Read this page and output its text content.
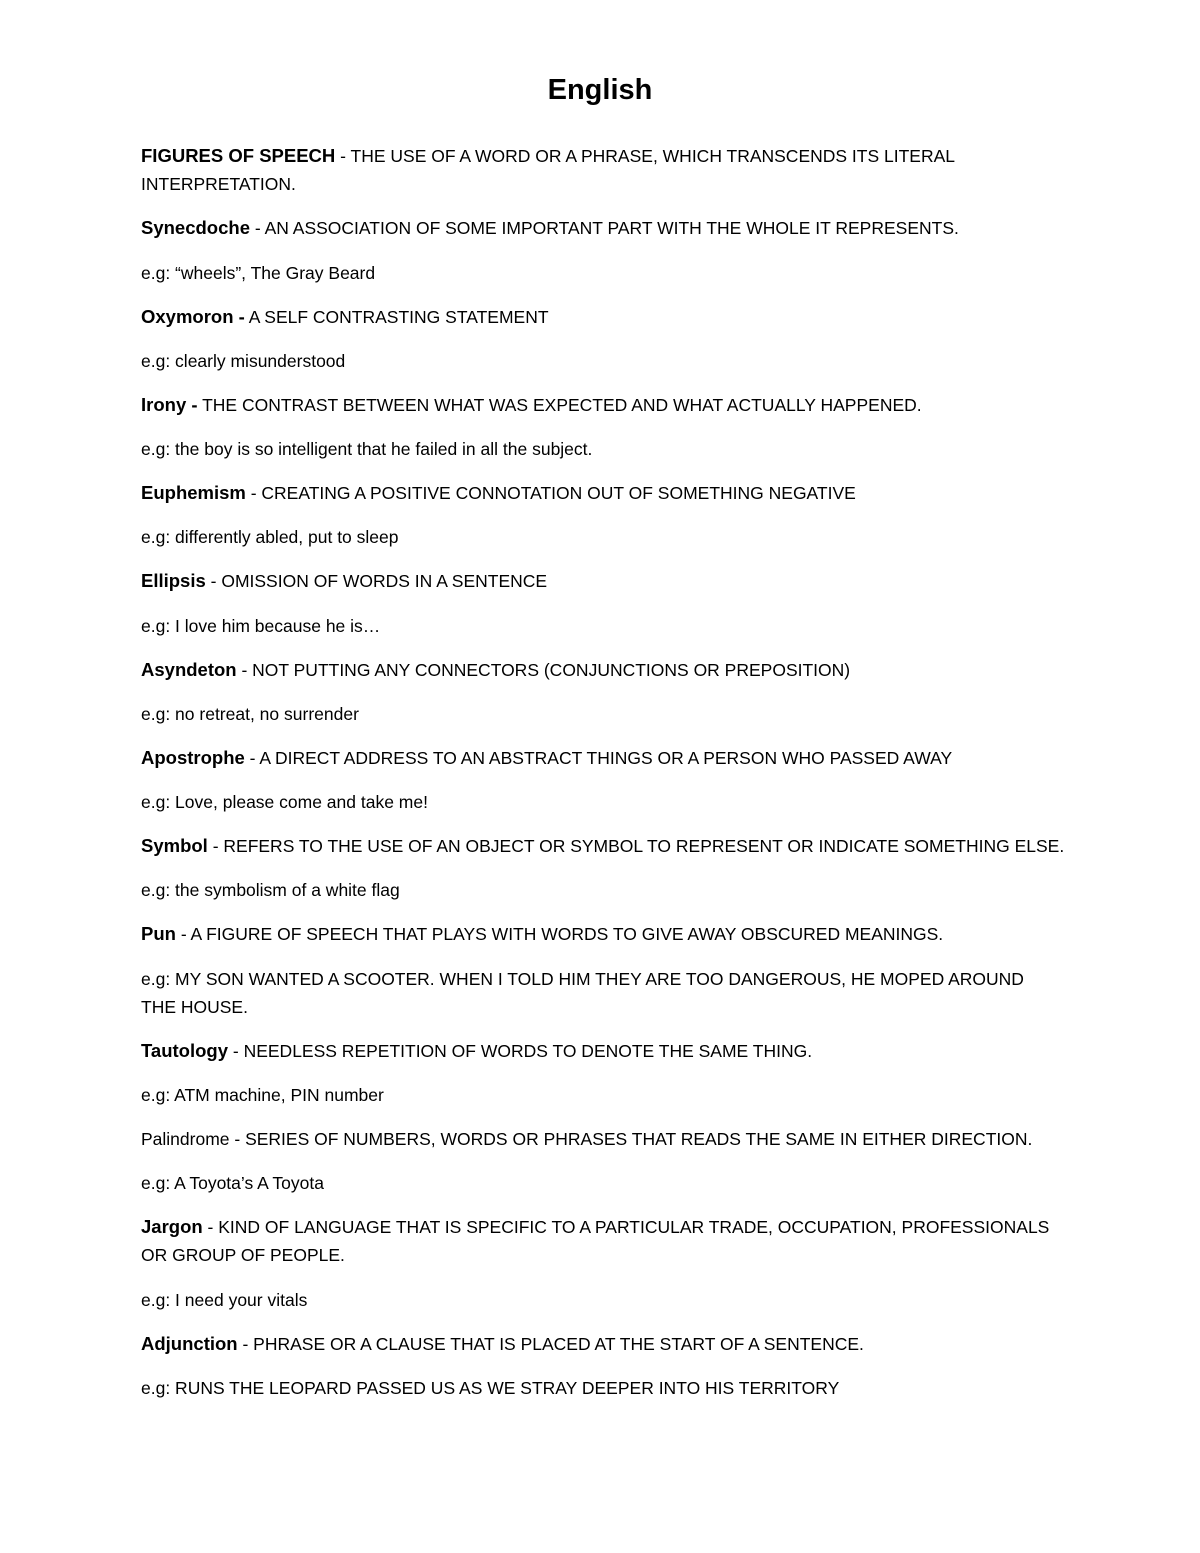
English
FIGURES OF SPEECH - THE USE OF A WORD OR A PHRASE, WHICH TRANSCENDS ITS LITERAL
INTERPRETATION.
Synecdoche - AN ASSOCIATION OF SOME IMPORTANT PART WITH THE WHOLE IT REPRESENTS.
e.g: “wheels”, The Gray Beard
Oxymoron - A SELF CONTRASTING STATEMENT
e.g: clearly misunderstood
Irony - THE CONTRAST BETWEEN WHAT WAS EXPECTED AND WHAT ACTUALLY HAPPENED.
e.g: the boy is so intelligent that he failed in all the subject.
Euphemism - CREATING A POSITIVE CONNOTATION OUT OF SOMETHING NEGATIVE
e.g: differently abled, put to sleep
Ellipsis - OMISSION OF WORDS IN A SENTENCE
e.g: I love him because he is…
Asyndeton - NOT PUTTING ANY CONNECTORS (CONJUNCTIONS OR PREPOSITION)
e.g: no retreat, no surrender
Apostrophe - A DIRECT ADDRESS TO AN ABSTRACT THINGS OR A PERSON WHO PASSED AWAY
e.g: Love, please come and take me!
Symbol - REFERS TO THE USE OF AN OBJECT OR SYMBOL TO REPRESENT OR INDICATE SOMETHING ELSE.
e.g: the symbolism of a white flag
Pun - A FIGURE OF SPEECH THAT PLAYS WITH WORDS TO GIVE AWAY OBSCURED MEANINGS.
e.g: MY SON WANTED A SCOOTER. WHEN I TOLD HIM THEY ARE TOO DANGEROUS, HE MOPED AROUND
THE HOUSE.
Tautology - NEEDLESS REPETITION OF WORDS TO DENOTE THE SAME THING.
e.g: ATM machine, PIN number
Palindrome - SERIES OF NUMBERS, WORDS OR PHRASES THAT READS THE SAME IN EITHER DIRECTION.
e.g: A Toyota’s A Toyota
Jargon - KIND OF LANGUAGE THAT IS SPECIFIC TO A PARTICULAR TRADE, OCCUPATION, PROFESSIONALS
OR GROUP OF PEOPLE.
e.g: I need your vitals
Adjunction - PHRASE OR A CLAUSE THAT IS PLACED AT THE START OF A SENTENCE.
e.g: RUNS THE LEOPARD PASSED US AS WE STRAY DEEPER INTO HIS TERRITORY
